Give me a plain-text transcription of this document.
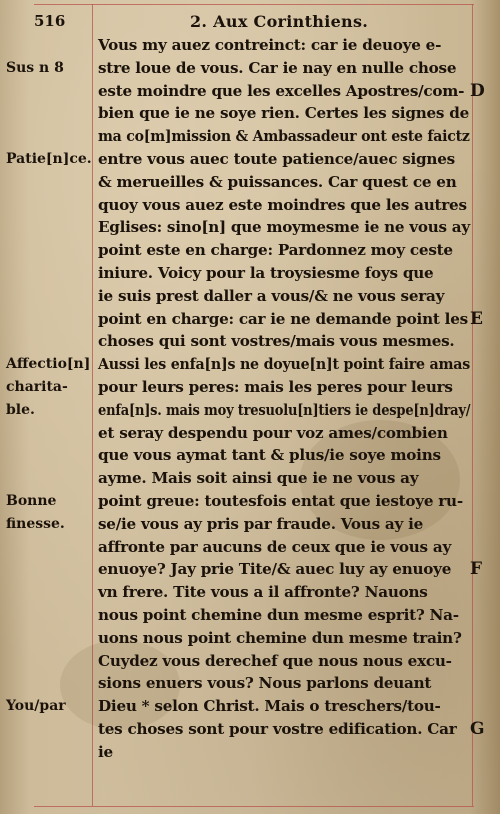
516	2. Aux Corinthiens.
Vous my auez contreinct: car ie deuoye e-
stre loue de vous. Car ie nay en nulle chose
este moindre que les excelles Apostres/com-
bien que ie ne soye rien. Certes les signes de
ma co[m]mission & Ambassadeur ont este faictz
entre vous auec toute patience/auec signes
& merueilles & puissances. Car quest ce en
quoy vous auez este moindres que les autres
Eglises: sino[n] que moymesme ie ne vous ay
point este en charge: Pardonnez moy ceste
iniure. Voicy pour la troysiesme foys que
ie suis prest daller a vous/& ne vous seray
point en charge: car ie ne demande point les
choses qui sont vostres/mais vous mesmes.
Aussi les enfa[n]s ne doyue[n]t point faire amas
pour leurs peres: mais les peres pour leurs
enfa[n]s. mais moy tresuolu[n]tiers ie despe[n]dray/
et seray despendu pour voz ames/combien
que vous aymat tant & plus/ie soye moins
ayme. Mais soit ainsi que ie ne vous ay
point greue: toutesfois entat que iestoye ru-
se/ie vous ay pris par fraude. Vous ay ie
affronte par aucuns de ceux que ie vous ay
enuoye? Jay prie Tite/& auec luy ay enuoye
vn frere. Tite vous a il affronte? Nauons
nous point chemine dun mesme esprit? Na-
uons nous point chemine dun mesme train?
Cuydez vous derechef que nous nous excu-
sions enuers vous? Nous parlons deuant
Dieu * selon Christ. Mais o treschers/tou-
tes choses sont pour vostre edification. Car
ie
Sus n 8
Patie[n]ce.
Affectio[n]
charita-
ble.
Bonne
finesse.
You/par
D
E
F
G
